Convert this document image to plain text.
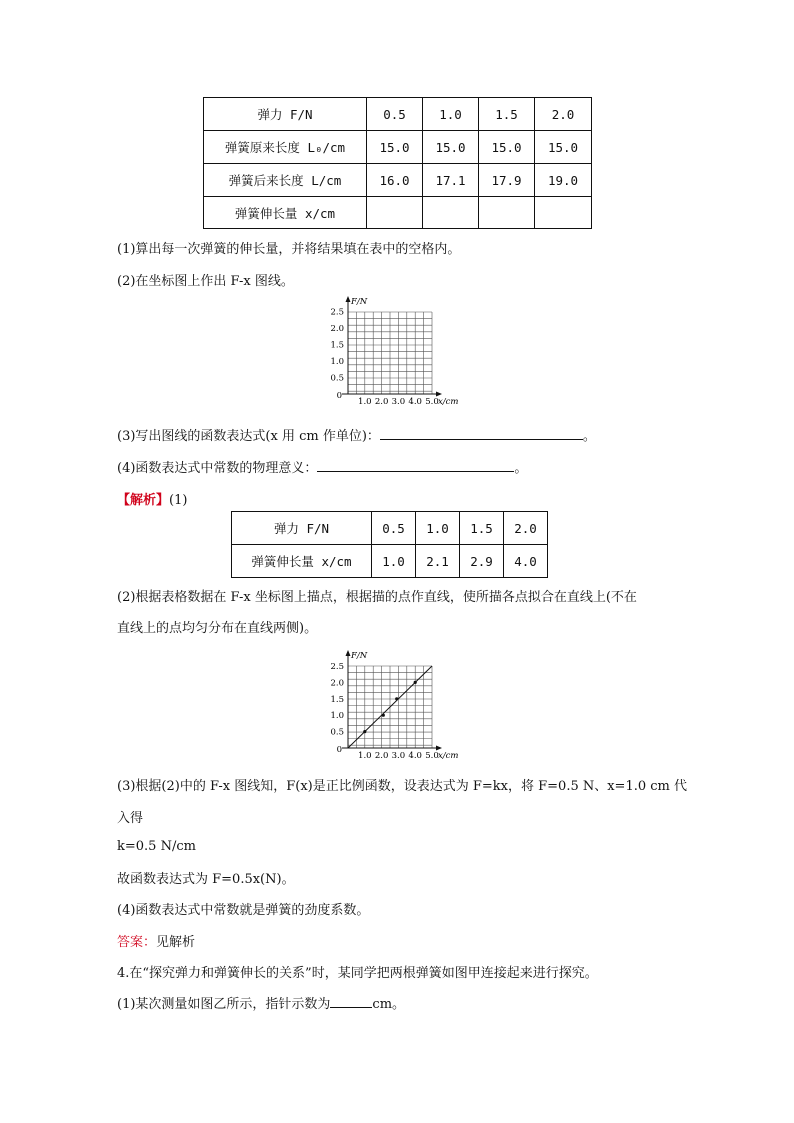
弹力 F/N	0.5	1.0	1.5	2.0
弹簧原来长度 L₀/cm	15.0	15.0	15.0	15.0
弹簧后来长度 L/cm	16.0	17.1	17.9	19.0
弹簧伸长量 x/cm				
(1)算出每一次弹簧的伸长量，并将结果填在表中的空格内。
(2)在坐标图上作出 F-x 图线。
F/N
2.5
2.0
1.5
1.0
0.5
0
1.0 2.0 3.0 4.0 5.0 x/cm
(3)写出图线的函数表达式(x 用 cm 作单位)：	。
(4)函数表达式中常数的物理意义：	。
【解析】(1)
弹力 F/N	0.5	1.0	1.5	2.0
弹簧伸长量 x/cm	1.0	2.1	2.9	4.0
(2)根据表格数据在 F-x 坐标图上描点，根据描的点作直线，使所描各点拟合在直线上(不在
直线上的点均匀分布在直线两侧)。
F/N
x/cm
0
0.5
1.0
1.5
2.0
2.5
1.0 2.0 3.0 4.0 5.0
(3)根据(2)中的 F-x 图线知，F(x)是正比例函数，设表达式为 F=kx，将 F=0.5 N、x=1.0 cm 代
入得
k=0.5 N/cm
故函数表达式为 F=0.5x(N)。
(4)函数表达式中常数就是弹簧的劲度系数。
答案：见解析
4.在“探究弹力和弹簧伸长的关系”时，某同学把两根弹簧如图甲连接起来进行探究。
(1)某次测量如图乙所示，指针示数为	cm。
